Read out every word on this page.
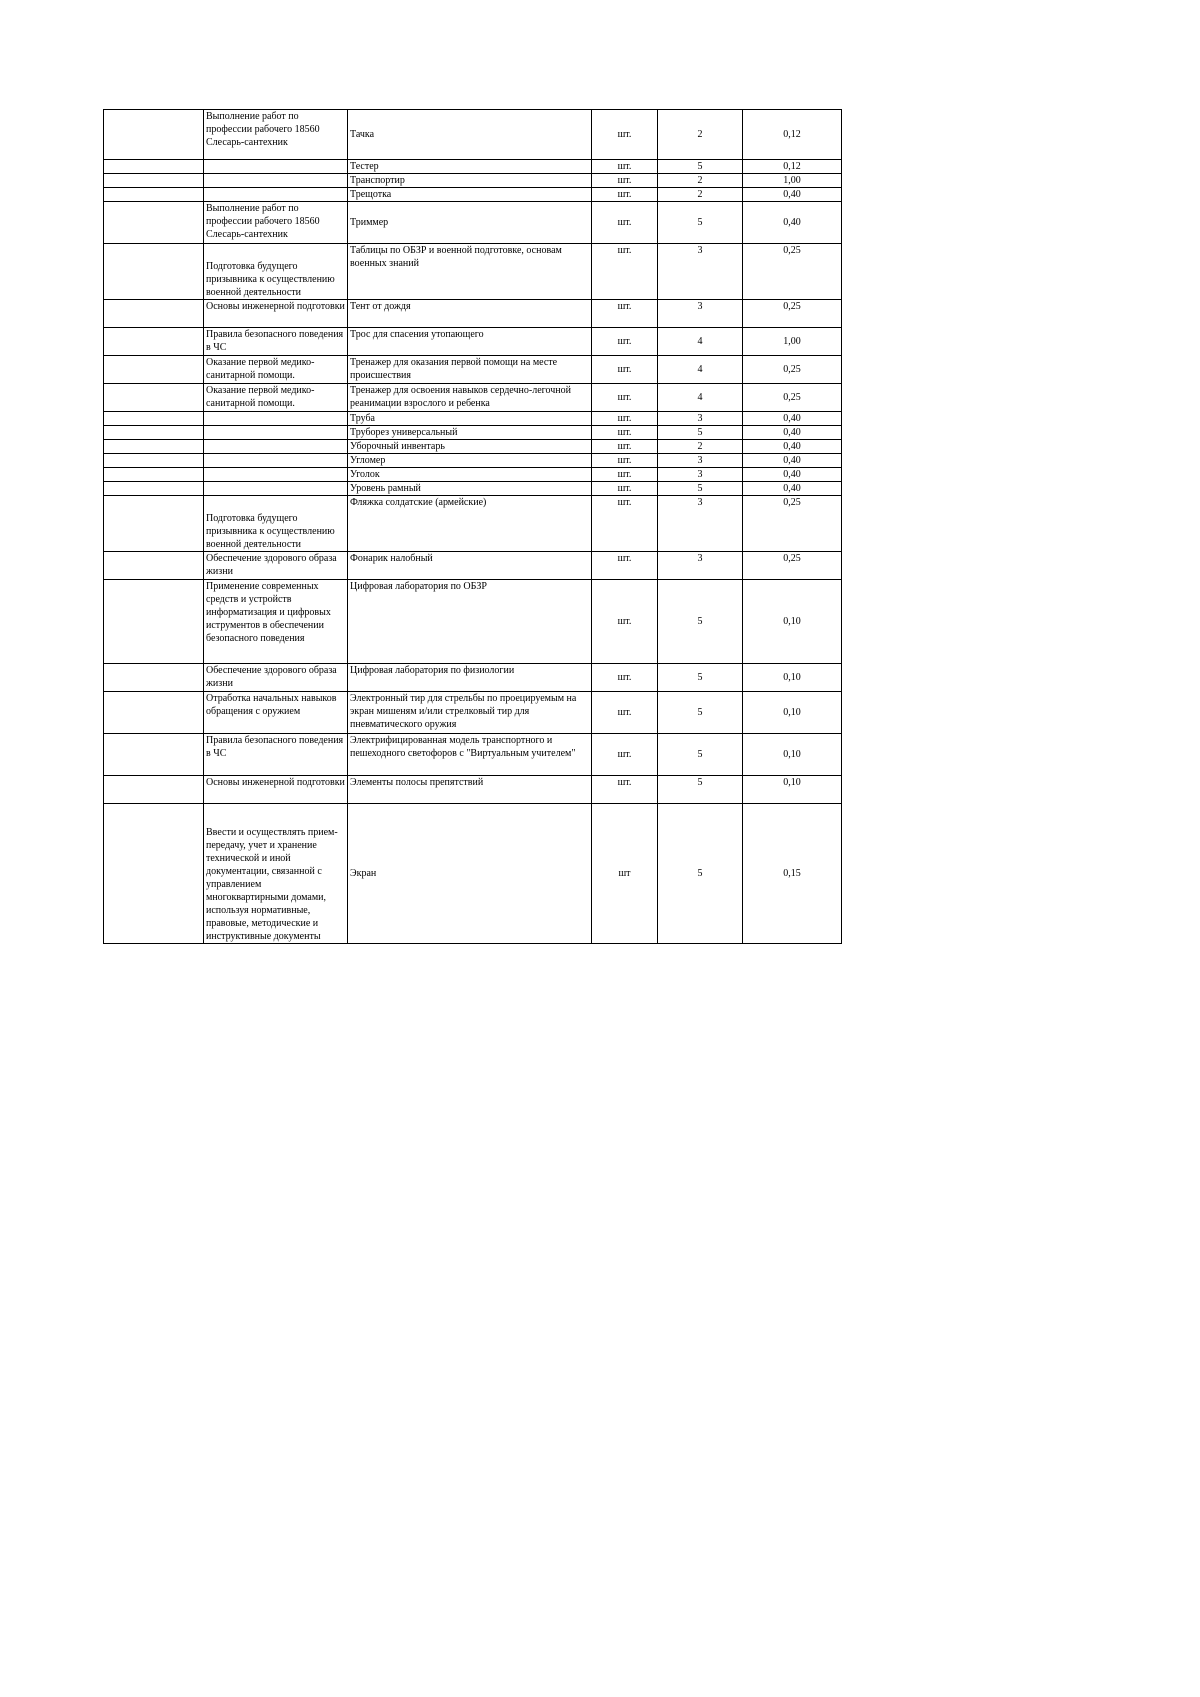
	Выполнение работ по профессии рабочего 18560 Слесарь-сантехник	Тачка	шт.	2	0,12
		Тестер	шт.	5	0,12
		Транспортир	шт.	2	1,00
		Трещотка	шт.	2	0,40
	Выполнение работ по профессии рабочего 18560 Слесарь-сантехник	Триммер	шт.	5	0,40
	Подготовка будущего призывника к осуществлению военной деятельности	Таблицы по ОБЗР и военной подготовке, основам военных знаний	шт.	3	0,25
	Основы инженерной подготовки	Тент от дождя	шт.	3	0,25
	Правила безопасного поведения в ЧС	Трос для спасения утопающего	шт.	4	1,00
	Оказание первой медико-санитарной помощи.	Тренажер для оказания первой помощи на месте происшествия	шт.	4	0,25
	Оказание первой медико-санитарной помощи.	Тренажер для освоения навыков сердечно-легочной реанимации взрослого и ребенка	шт.	4	0,25
		Труба	шт.	3	0,40
		Труборез универсальный	шт.	5	0,40
		Уборочный инвентарь	шт.	2	0,40
		Угломер	шт.	3	0,40
		Уголок	шт.	3	0,40
		Уровень рамный	шт.	5	0,40
	Подготовка будущего призывника к осуществлению военной деятельности	Фляжка солдатские (армейские)	шт.	3	0,25
	Обеспечение здорового образа жизни	Фонарик налобный	шт.	3	0,25
	Применение современных средств и устройств информатизация и цифровых иструментов в обеспечении безопасного поведения	Цифровая лаборатория по ОБЗР	шт.	5	0,10
	Обеспечение здорового образа жизни	Цифровая лаборатория по физиологии	шт.	5	0,10
	Отработка начальных навыков обращения с оружием	Электронный тир для стрельбы по проецируемым на экран мишеням и/или стрелковый тир для пневматического оружия	шт.	5	0,10
	Правила безопасного поведения в ЧС	Электрифицированная модель транспортного и пешеходного светофоров с "Виртуальным учителем"	шт.	5	0,10
	Основы инженерной подготовки	Элементы полосы препятствий	шт.	5	0,10
	Ввести и осуществлять прием-передачу, учет и хранение технической и иной документации, связанной с управлением многоквартирными домами, используя нормативные, правовые, методические и инструктивные документы	Экран	шт	5	0,15
